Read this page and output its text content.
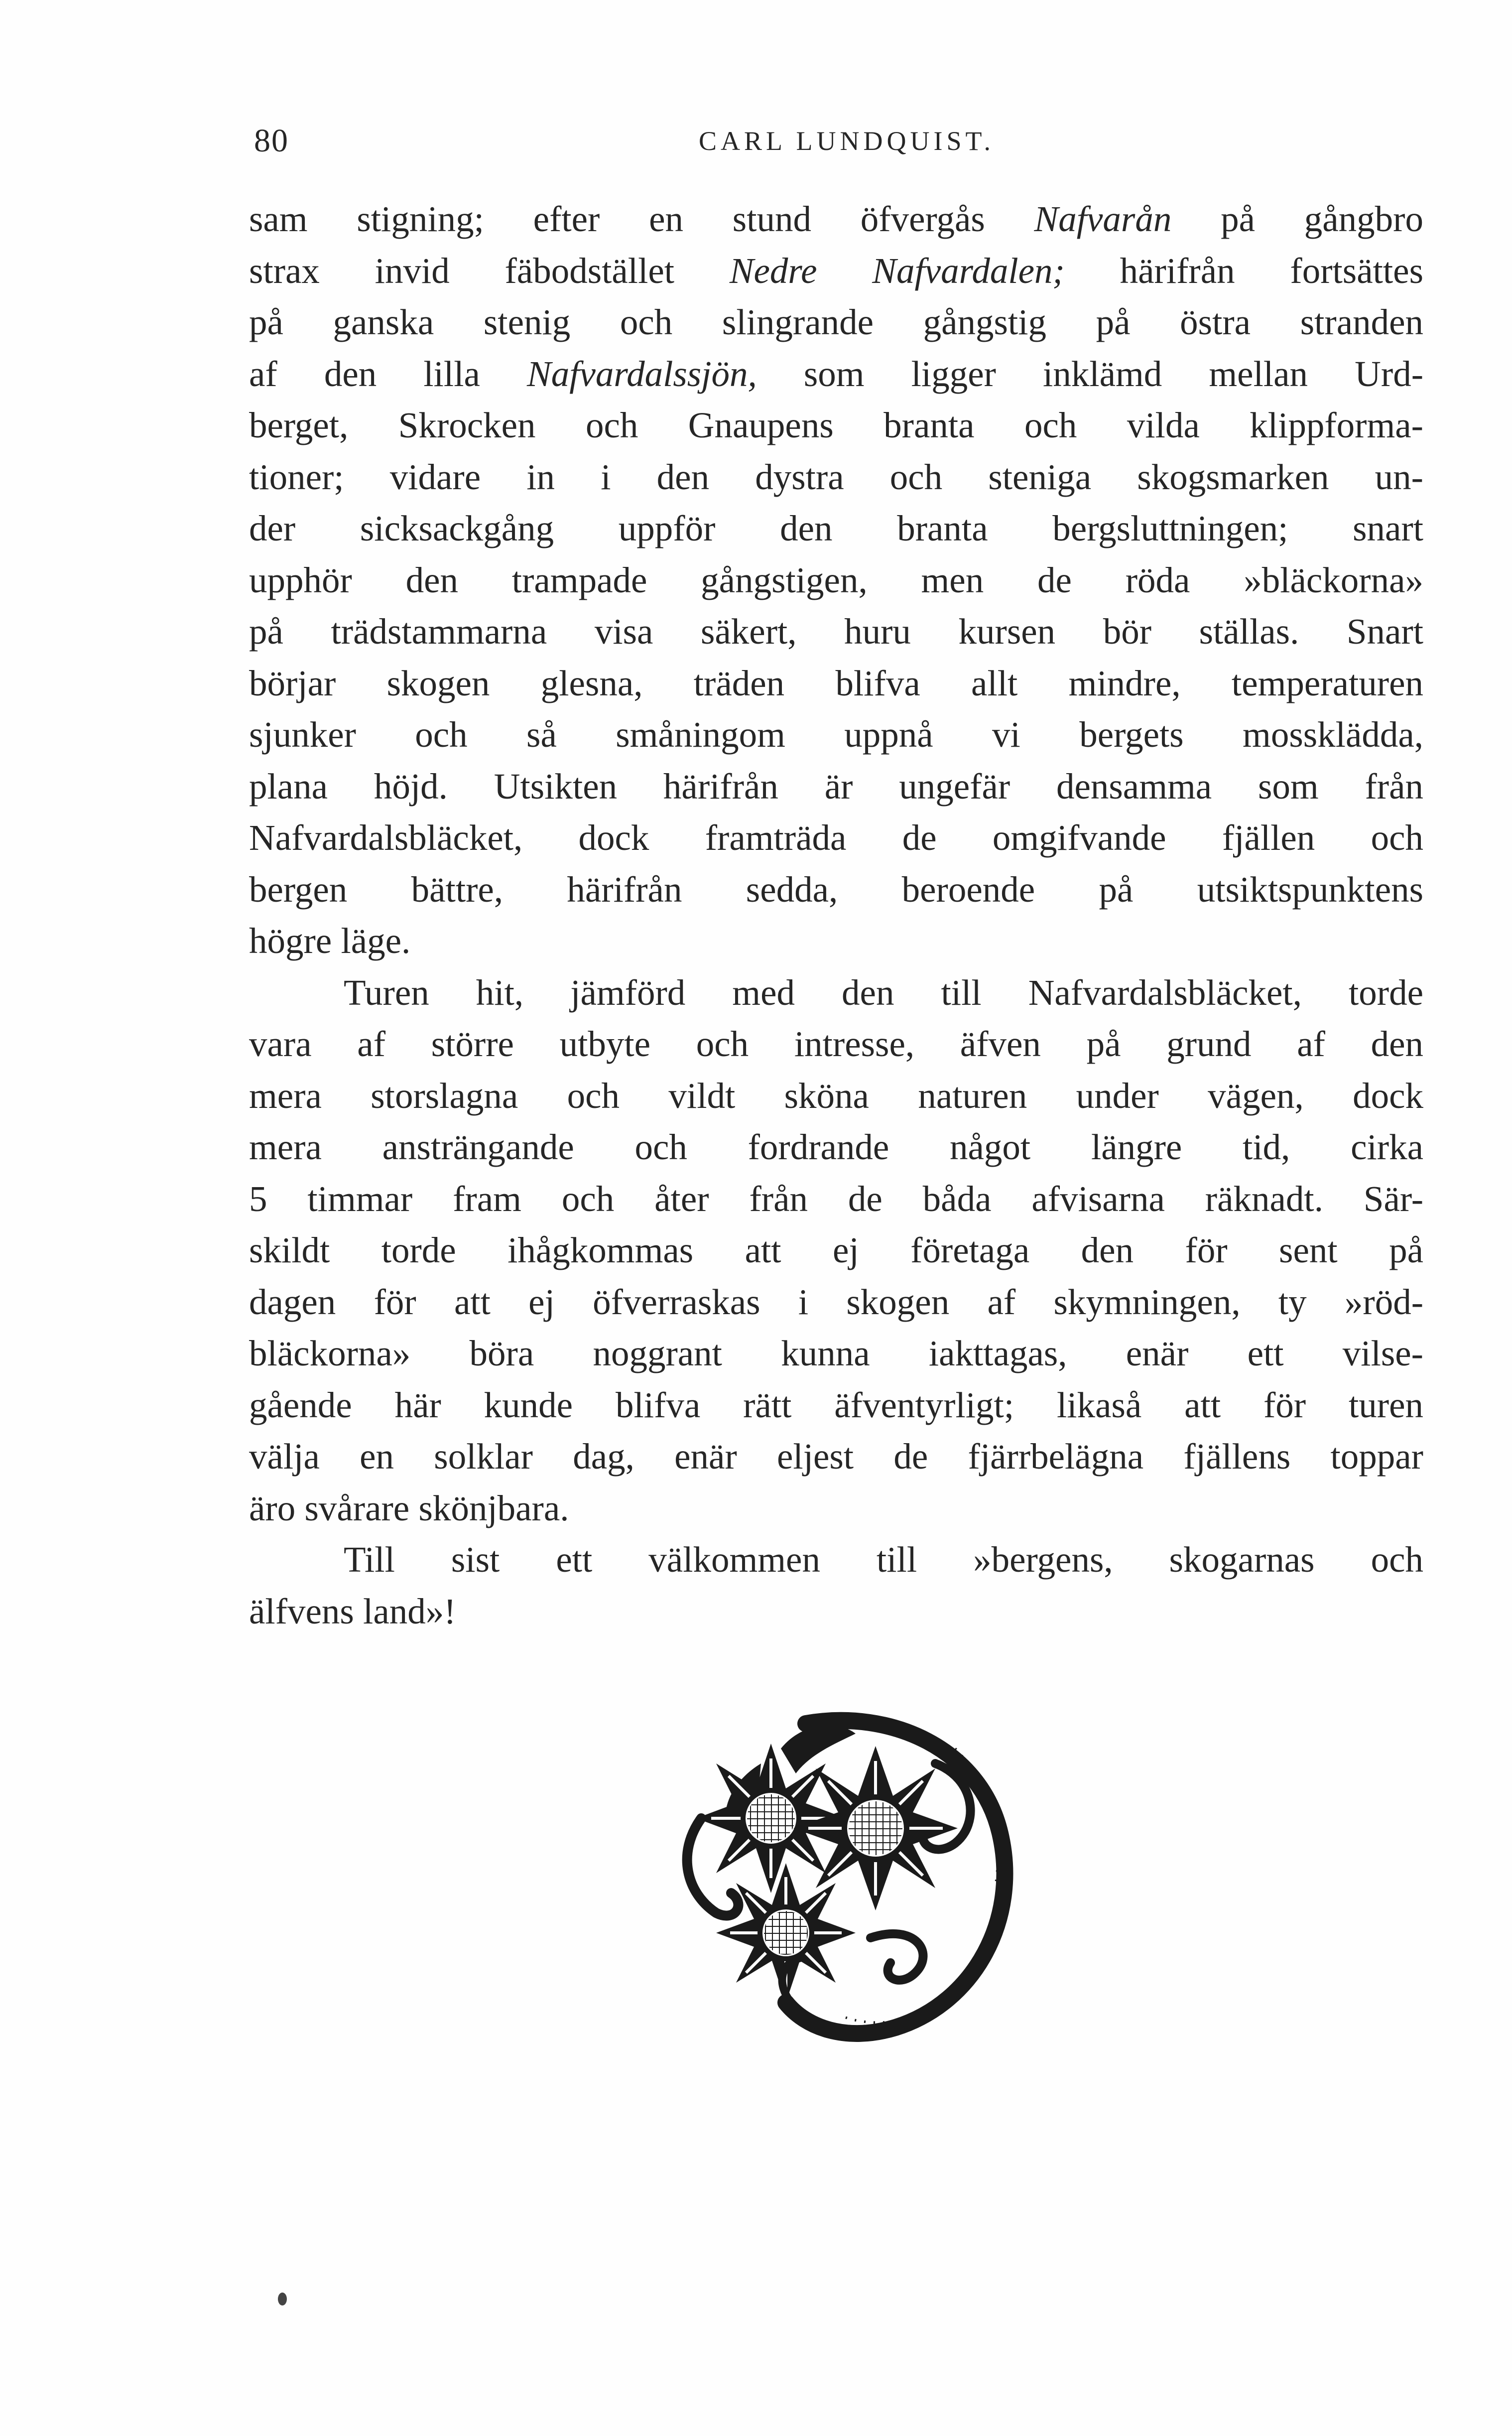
80	CARL LUNDQUIST.
sam stigning; efter en stund öfvergås Nafvarån på gångbro
strax invid fäbodstället Nedre Nafvardalen; härifrån fortsättes
på ganska stenig och slingrande gångstig på östra stranden
af den lilla Nafvardalssjön, som ligger inklämd mellan Urd-
berget, Skrocken och Gnaupens branta och vilda klippforma-
tioner; vidare in i den dystra och steniga skogsmarken un-
der sicksackgång uppför den branta bergsluttningen; snart
upphör den trampade gångstigen, men de röda »bläckorna»
på trädstammarna visa säkert, huru kursen bör ställas. Snart
börjar skogen glesna, träden blifva allt mindre, temperaturen
sjunker och så småningom uppnå vi bergets mossklädda,
plana höjd. Utsikten härifrån är ungefär densamma som från
Nafvardalsbläcket, dock framträda de omgifvande fjällen och
bergen bättre, härifrån sedda, beroende på utsiktspunktens
högre läge.
Turen hit, jämförd med den till Nafvardalsbläcket, torde
vara af större utbyte och intresse, äfven på grund af den
mera storslagna och vildt sköna naturen under vägen, dock
mera ansträngande och fordrande något längre tid, cirka
5 timmar fram och åter från de båda afvisarna räknadt. Sär-
skildt torde ihågkommas att ej företaga den för sent på
dagen för att ej öfverraskas i skogen af skymningen, ty »röd-
bläckorna» böra noggrant kunna iakttagas, enär ett vilse-
gående här kunde blifva rätt äfventyrligt; likaså att för turen
välja en solklar dag, enär eljest de fjärrbelägna fjällens toppar
äro svårare skönjbara.
Till sist ett välkommen till »bergens, skogarnas och
älfvens land»!
